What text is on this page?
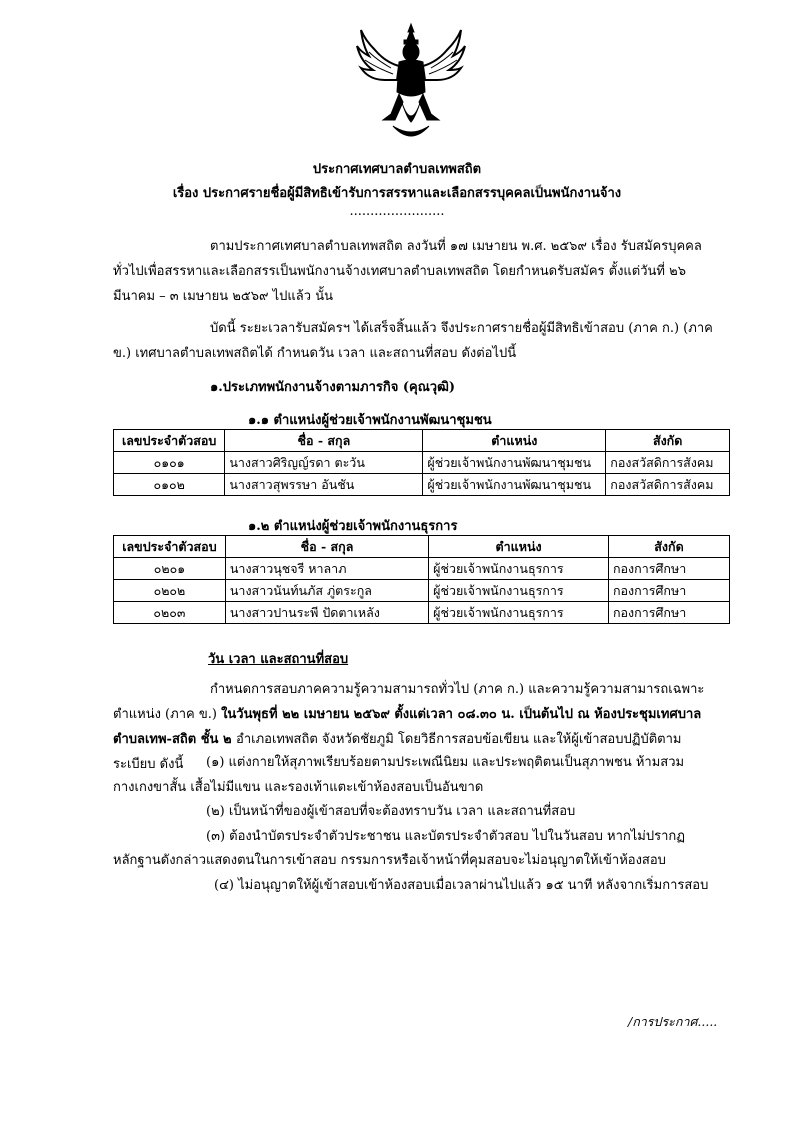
ประกาศเทศบาลตำบลเทพสถิต
เรื่อง ประกาศรายชื่อผู้มีสิทธิเข้ารับการสรรหาและเลือกสรรบุคคลเป็นพนักงานจ้าง
.......................

ตามประกาศเทศบาลตำบลเทพสถิต ลงวันที่ ๑๗ เมษายน พ.ศ. ๒๕๖๙ เรื่อง รับสมัครบุคคลทั่วไปเพื่อสรรหาและเลือกสรรเป็นพนักงานจ้างเทศบาลตำบลเทพสถิต โดยกำหนดรับสมัคร ตั้งแต่วันที่ ๒๖ มีนาคม – ๓ เมษายน ๒๕๖๙ ไปแล้ว นั้น

บัดนี้ ระยะเวลารับสมัครฯ ได้เสร็จสิ้นแล้ว จึงประกาศรายชื่อผู้มีสิทธิเข้าสอบ (ภาค ก.) (ภาค ข.) เทศบาลตำบลเทพสถิตได้ กำหนดวัน เวลา และสถานที่สอบ ดังต่อไปนี้

๑.ประเภทพนักงานจ้างตามภารกิจ (คุณวุฒิ)
๑.๑ ตำแหน่งผู้ช่วยเจ้าพนักงานพัฒนาชุมชน
เลขประจำตัวสอบ	ชื่อ - สกุล	ตำแหน่ง	สังกัด
๐๑๐๑	นางสาวศิริญญ์รดา ตะวัน	ผู้ช่วยเจ้าพนักงานพัฒนาชุมชน	กองสวัสดิการสังคม
๐๑๐๒	นางสาวสุพรรษา อันชัน	ผู้ช่วยเจ้าพนักงานพัฒนาชุมชน	กองสวัสดิการสังคม
๑.๒ ตำแหน่งผู้ช่วยเจ้าพนักงานธุรการ
เลขประจำตัวสอบ	ชื่อ - สกุล	ตำแหน่ง	สังกัด
๐๒๐๑	นางสาวนุชจรี หาลาภ	ผู้ช่วยเจ้าพนักงานธุรการ	กองการศึกษา
๐๒๐๒	นางสาวนันท์นภัส ภู่ตระกูล	ผู้ช่วยเจ้าพนักงานธุรการ	กองการศึกษา
๐๒๐๓	นางสาวปานระพี ปัดตาเหลัง	ผู้ช่วยเจ้าพนักงานธุรการ	กองการศึกษา
วัน เวลา และสถานที่สอบ

กำหนดการสอบภาคความรู้ความสามารถทั่วไป (ภาค ก.) และความรู้ความสามารถเฉพาะตำแหน่ง (ภาค ข.) ในวันพุธที่ ๒๒ เมษายน ๒๕๖๙ ตั้งแต่เวลา ๐๘.๓๐ น. เป็นต้นไป ณ ห้องประชุมเทศบาลตำบลเทพ-สถิต ชั้น ๒ อำเภอเทพสถิต จังหวัดชัยภูมิ โดยวิธีการสอบข้อเขียน และให้ผู้เข้าสอบปฏิบัติตามระเบียบ ดังนี้	(๑) แต่งกายให้สุภาพเรียบร้อยตามประเพณีนิยม และประพฤติตนเป็นสุภาพชน ห้ามสวม
กางเกงขาสั้น เสื้อไม่มีแขน และรองเท้าแตะเข้าห้องสอบเป็นอันขาด
(๒) เป็นหน้าที่ของผู้เข้าสอบที่จะต้องทราบวัน เวลา และสถานที่สอบ
(๓) ต้องนำบัตรประจำตัวประชาชน และบัตรประจำตัวสอบ ไปในวันสอบ หากไม่ปรากฏ
หลักฐานดังกล่าวแสดงตนในการเข้าสอบ กรรมการหรือเจ้าหน้าที่คุมสอบจะไม่อนุญาตให้เข้าห้องสอบ
(๔) ไม่อนุญาตให้ผู้เข้าสอบเข้าห้องสอบเมื่อเวลาผ่านไปแล้ว ๑๕ นาที หลังจากเริ่มการสอบ
/การประกาศ.....
